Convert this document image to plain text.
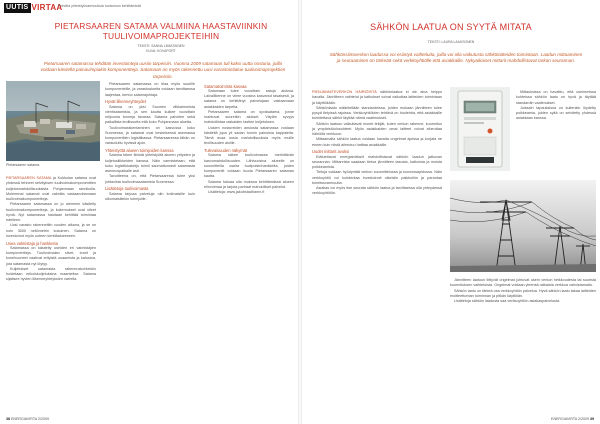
UUTIS VIRTAA
Pohdita yhteistyövarmuuksia tuotannon kehittämistä
PIETARSAAREN SATAMA VALMIINA HAASTAVIINKIN
TUULIVOIMAPROJEKTEIHIN
TEKSTI: SANNA LIIMATAINEN
KUVA: KOVAPORT
Pietarsaaren satamassa tehdään investointeja uusiin tarpeisiin. Vuonna 2009 satamaan tuli kaksi uutta nosturia, joilla voidaan käsitellä painavimpiakin komponentteja. Satamaan on myös rakennettu uusi varastointialue tuulivoimaprojektien tarpeisiin.
Pietarsaaren satama.

PIETARSAAREN SATAMA ja Kokkolan satama ovat yhdessä tehneet selvityksen tuulivoimakomponenttien kuljetusmahdollisuuksista Pohjanmaan rannikolla. Molemmat satamat ovat valmiita vastaanottamaan tuulivoimakomponentteja.

Pietarsaaren satamassa on jo aiemmin käsitelty tuulivoimakomponentteja, ja kokemukset ovat olleet hyviä. Nyt satamassa halutaan kehittää toimintaa edelleen.

Uusi varasto rakennettiin vuoden aikana, ja se on noin 3000 neliömetrin kokoinen. Satama on investoinut myös uuteen kenttäalueeseen.

Usea valmistaja ja hankkeita

Satamassa on käsitelty useiden eri valmistajien komponentteja. Tuulivoimalan siivet, tornit ja konehuoneet vaativat erityistä osaamista ja kalustoa, jota satamasta nyt löytyy.

Kuljetukset satamasta rakennuskohteisiin hoidetaan erikoiskuljetuksina maanteitse. Satama sijaitsee hyvien liikenneyhteyksien varrella.

Pietarsaaren satamassa on tilaa myös suurille komponenteille, ja varastoalueita voidaan tarvittaessa laajentaa, kertoo satamajohtaja.

Hyvät liikenneyhteydet

Satama on yksi Suomen vilkkaimmista vientisatamista, ja sen kautta kulkee vuosittain miljoonia tonneja tavaraa. Satama palvelee sekä paikallista teollisuutta että koko Pohjanmaan aluetta.

Tuulivoimarakentaminen on kasvussa koko Suomessa, ja satamat ovat keskeisessä asemassa komponenttien logistiikassa. Pietarsaaressa tähän on varauduttu hyvissä ajoin.

Yhteistyötä alueen toimijoiden kanssa

Satama tekee tiivistä yhteistyötä alueen yritysten ja kuljetusliikkeiden kanssa. Näin varmistetaan, että koko logistiikkaketju toimii saumattomasti satamasta asennuspaikalle asti.

Tavoitteena on, että Pietarsaaresta tulee yksi johtavista tuulivoimasatamista Suomessa.

Lisätietoja tuulivoimasta

Satama tarjoaa palveluja niin kotimaisille kuin ulkomaisillekin toimijoille.

Satamatoiminta kasvaa

Satamaan tulee vuosittain satoja aluksia. Laivaliikenne on viime vuosina kasvanut tasaisesti, ja satama on kehittänyt palvelujaan vastaamaan asiakkaiden tarpeita.

Pietarsaaren satama on syväsatama, jonne mahtuvat suuretkin alukset. Väylän syvyys mahdollistaa raskaiden lastien kuljetuksen.

Uusien nostureiden ansiosta satamassa voidaan käsitellä jopa yli sadan tonnin painoisia kappaleita. Tämä avaa uusia mahdollisuuksia myös muille teollisuuden aloille.

Tulevaisuuden näkymät

Satama näkee tuulivoimassa merkittävän kasvumahdollisuuden. Lähivuosina alueelle on suunnitteilla useita tuulipuistohankkeita, joiden komponentit voidaan tuoda Pietarsaaren sataman kautta.

Satama haluaa olla mukana kehittämässä alueen elinvoimaa ja tarjota parhaat mahdolliset palvelut.

Lisätietoja: www.jakobstadhamn.fi

38 ENERGIAVIRTA 2/2009
SÄHKÖN LAATUA ON SYYTÄ MITATA
TEKSTI: LAURA LAAKSONEN
Sähkönsiirtoverkon laadussa voi esiintyä vaihteluita, joilla voi olla vaikutusta sähkölaitteiden toimintaan. Laadun mittaaminen ja seuraaminen on tärkeää sekä verkkoyhtiölle että asiakkaille. Nykyaikaiset mittarit mahdollistavat tarkan seurannan.

PIENJÄNNITEVERKON HÄIRIÖISTÄ sähkönlaatua ei ole aina helppo havaita. Jännitteen vaihtelut ja katkokset voivat vaikuttaa laitteiden toimintaan ja käyttöikään.

Sähkönlaatu määritellään standardeissa, joiden mukaan jännitteen tulee pysyä tietyissä rajoissa. Verkkoyhtiöiden tehtävä on huolehtia, että asiakkaille toimitettava sähkö täyttää nämä vaatimukset.

Sähkön laatuun vaikuttavat monet tekijät, kuten verkon rakenne, kuormitus ja ympäristöolosuhteet. Myös asiakkaiden omat laitteet voivat aiheuttaa häiriöitä verkkoon.

Mittaamalla sähkön laatua voidaan havaita ongelmat ajoissa ja korjata ne ennen kuin niistä aiheutuu haittaa asiakkaille.

Uudet mittarit avuksi

Etäluettavat energiamittarit mahdollistavat sähkön laadun jatkuvan seurannan. Mittareista saadaan tietoa jännitteen tasosta, katkoista ja muista poikkeamista.

Tietoja voidaan hyödyntää verkon suunnittelussa ja kunnossapidossa. Näin verkkoyhtiö voi kohdentaa investoinnit oikeisiin paikkoihin ja parantaa toimitusvarmuutta.

Asiakas voi myös itse seurata sähkön laatua ja tarvittaessa olla yhteydessä verkkoyhtiöön.

Mittauksissa on havaittu, että useimmissa kohteissa sähkön laatu on hyvä ja täyttää standardin vaatimukset.

Joissain tapauksissa on kuitenkin löydetty poikkeamia, joiden syitä on selvitetty yhdessä asiakkaan kanssa.

Jännitteen laatuun liittyvät ongelmat johtuvat usein verkon heikkoudesta tai suurista kuormituksen vaihteluista. Ongelmat voidaan yleensä ratkaista verkkoa vahvistamalla.

Sähkön laatu on tärkeä osa verkkoyhtiön palvelua. Hyvä sähkön laatu takaa laitteiden moitteettoman toiminnan ja pitkän käyttöiän.

Lisätietoja sähkön laadusta saa verkkoyhtiön asiakaspalvelusta.

ENERGIAVIRTA 2/2009 39
